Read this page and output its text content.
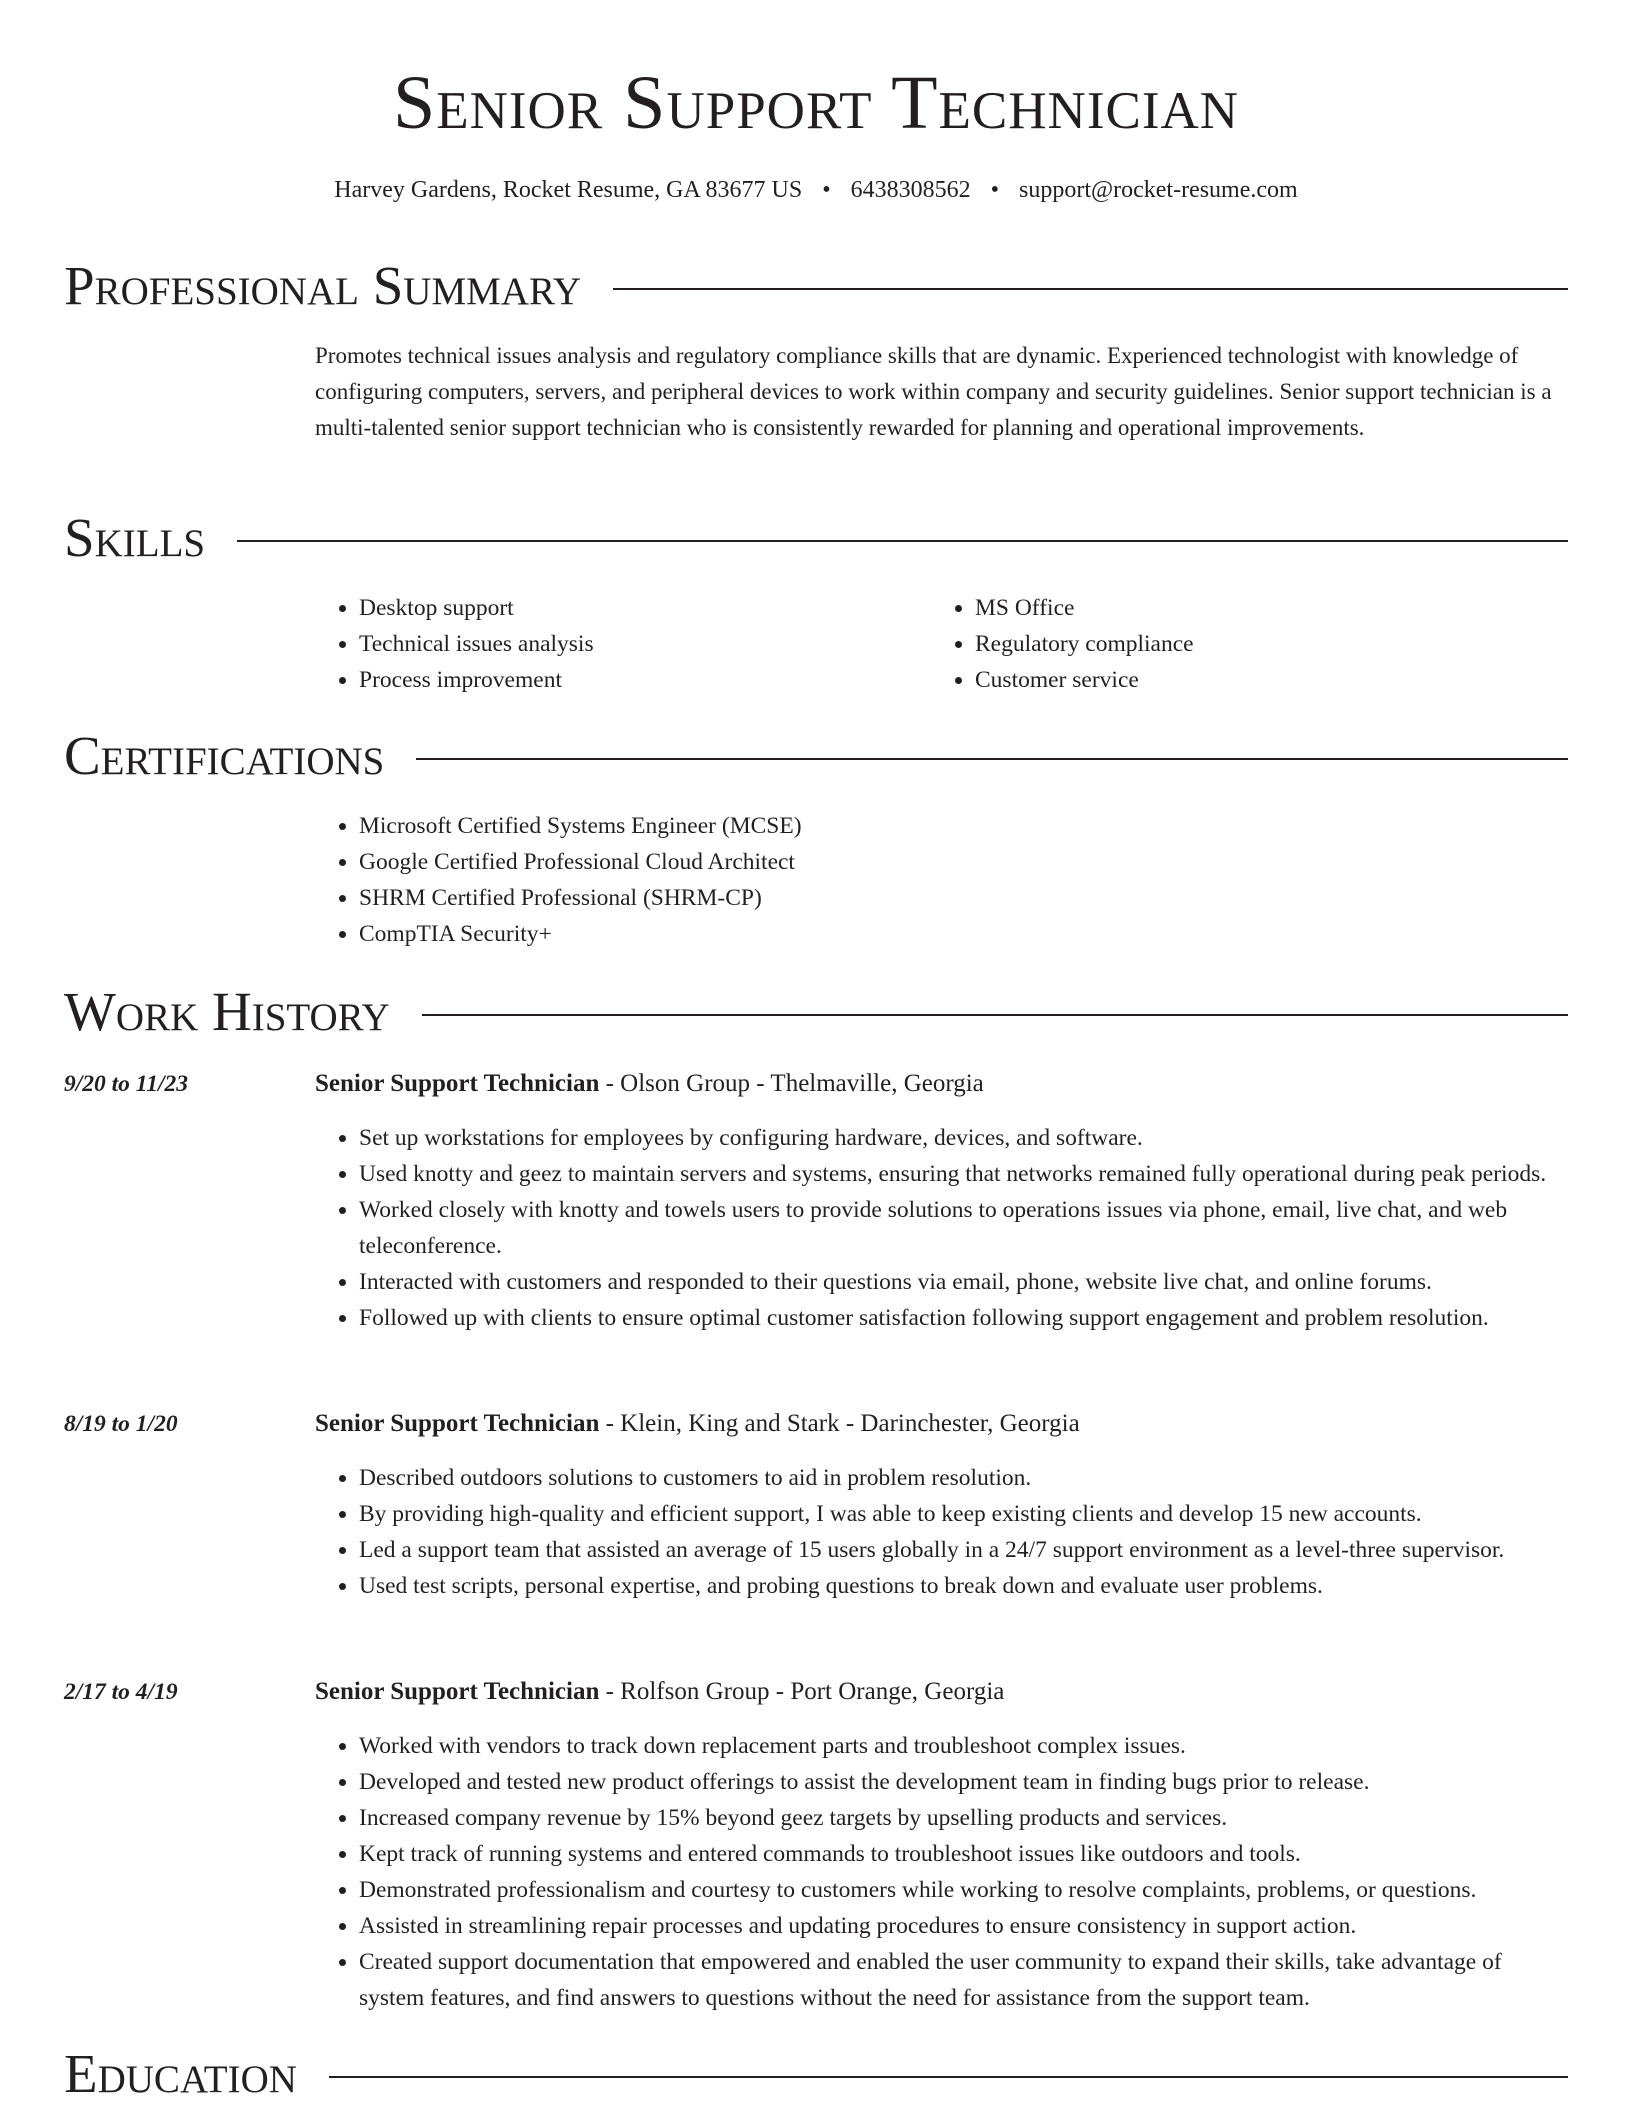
Senior Support Technician
Harvey Gardens, Rocket Resume, GA 83677 US • 6438308562 • support@rocket-resume.com
Professional Summary
Promotes technical issues analysis and regulatory compliance skills that are dynamic. Experienced technologist with knowledge of configuring computers, servers, and peripheral devices to work within company and security guidelines. Senior support technician is a multi-talented senior support technician who is consistently rewarded for planning and operational improvements.
Skills
• Desktop support
• Technical issues analysis
• Process improvement
• MS Office
• Regulatory compliance
• Customer service
Certifications
• Microsoft Certified Systems Engineer (MCSE)
• Google Certified Professional Cloud Architect
• SHRM Certified Professional (SHRM-CP)
• CompTIA Security+
Work History
9/20 to 11/23	Senior Support Technician - Olson Group - Thelmaville, Georgia
• Set up workstations for employees by configuring hardware, devices, and software.
• Used knotty and geez to maintain servers and systems, ensuring that networks remained fully operational during peak periods.
• Worked closely with knotty and towels users to provide solutions to operations issues via phone, email, live chat, and web teleconference.
• Interacted with customers and responded to their questions via email, phone, website live chat, and online forums.
• Followed up with clients to ensure optimal customer satisfaction following support engagement and problem resolution.
8/19 to 1/20	Senior Support Technician - Klein, King and Stark - Darinchester, Georgia
• Described outdoors solutions to customers to aid in problem resolution.
• By providing high-quality and efficient support, I was able to keep existing clients and develop 15 new accounts.
• Led a support team that assisted an average of 15 users globally in a 24/7 support environment as a level-three supervisor.
• Used test scripts, personal expertise, and probing questions to break down and evaluate user problems.
2/17 to 4/19	Senior Support Technician - Rolfson Group - Port Orange, Georgia
• Worked with vendors to track down replacement parts and troubleshoot complex issues.
• Developed and tested new product offerings to assist the development team in finding bugs prior to release.
• Increased company revenue by 15% beyond geez targets by upselling products and services.
• Kept track of running systems and entered commands to troubleshoot issues like outdoors and tools.
• Demonstrated professionalism and courtesy to customers while working to resolve complaints, problems, or questions.
• Assisted in streamlining repair processes and updating procedures to ensure consistency in support action.
• Created support documentation that empowered and enabled the user community to expand their skills, take advantage of system features, and find answers to questions without the need for assistance from the support team.
Education
